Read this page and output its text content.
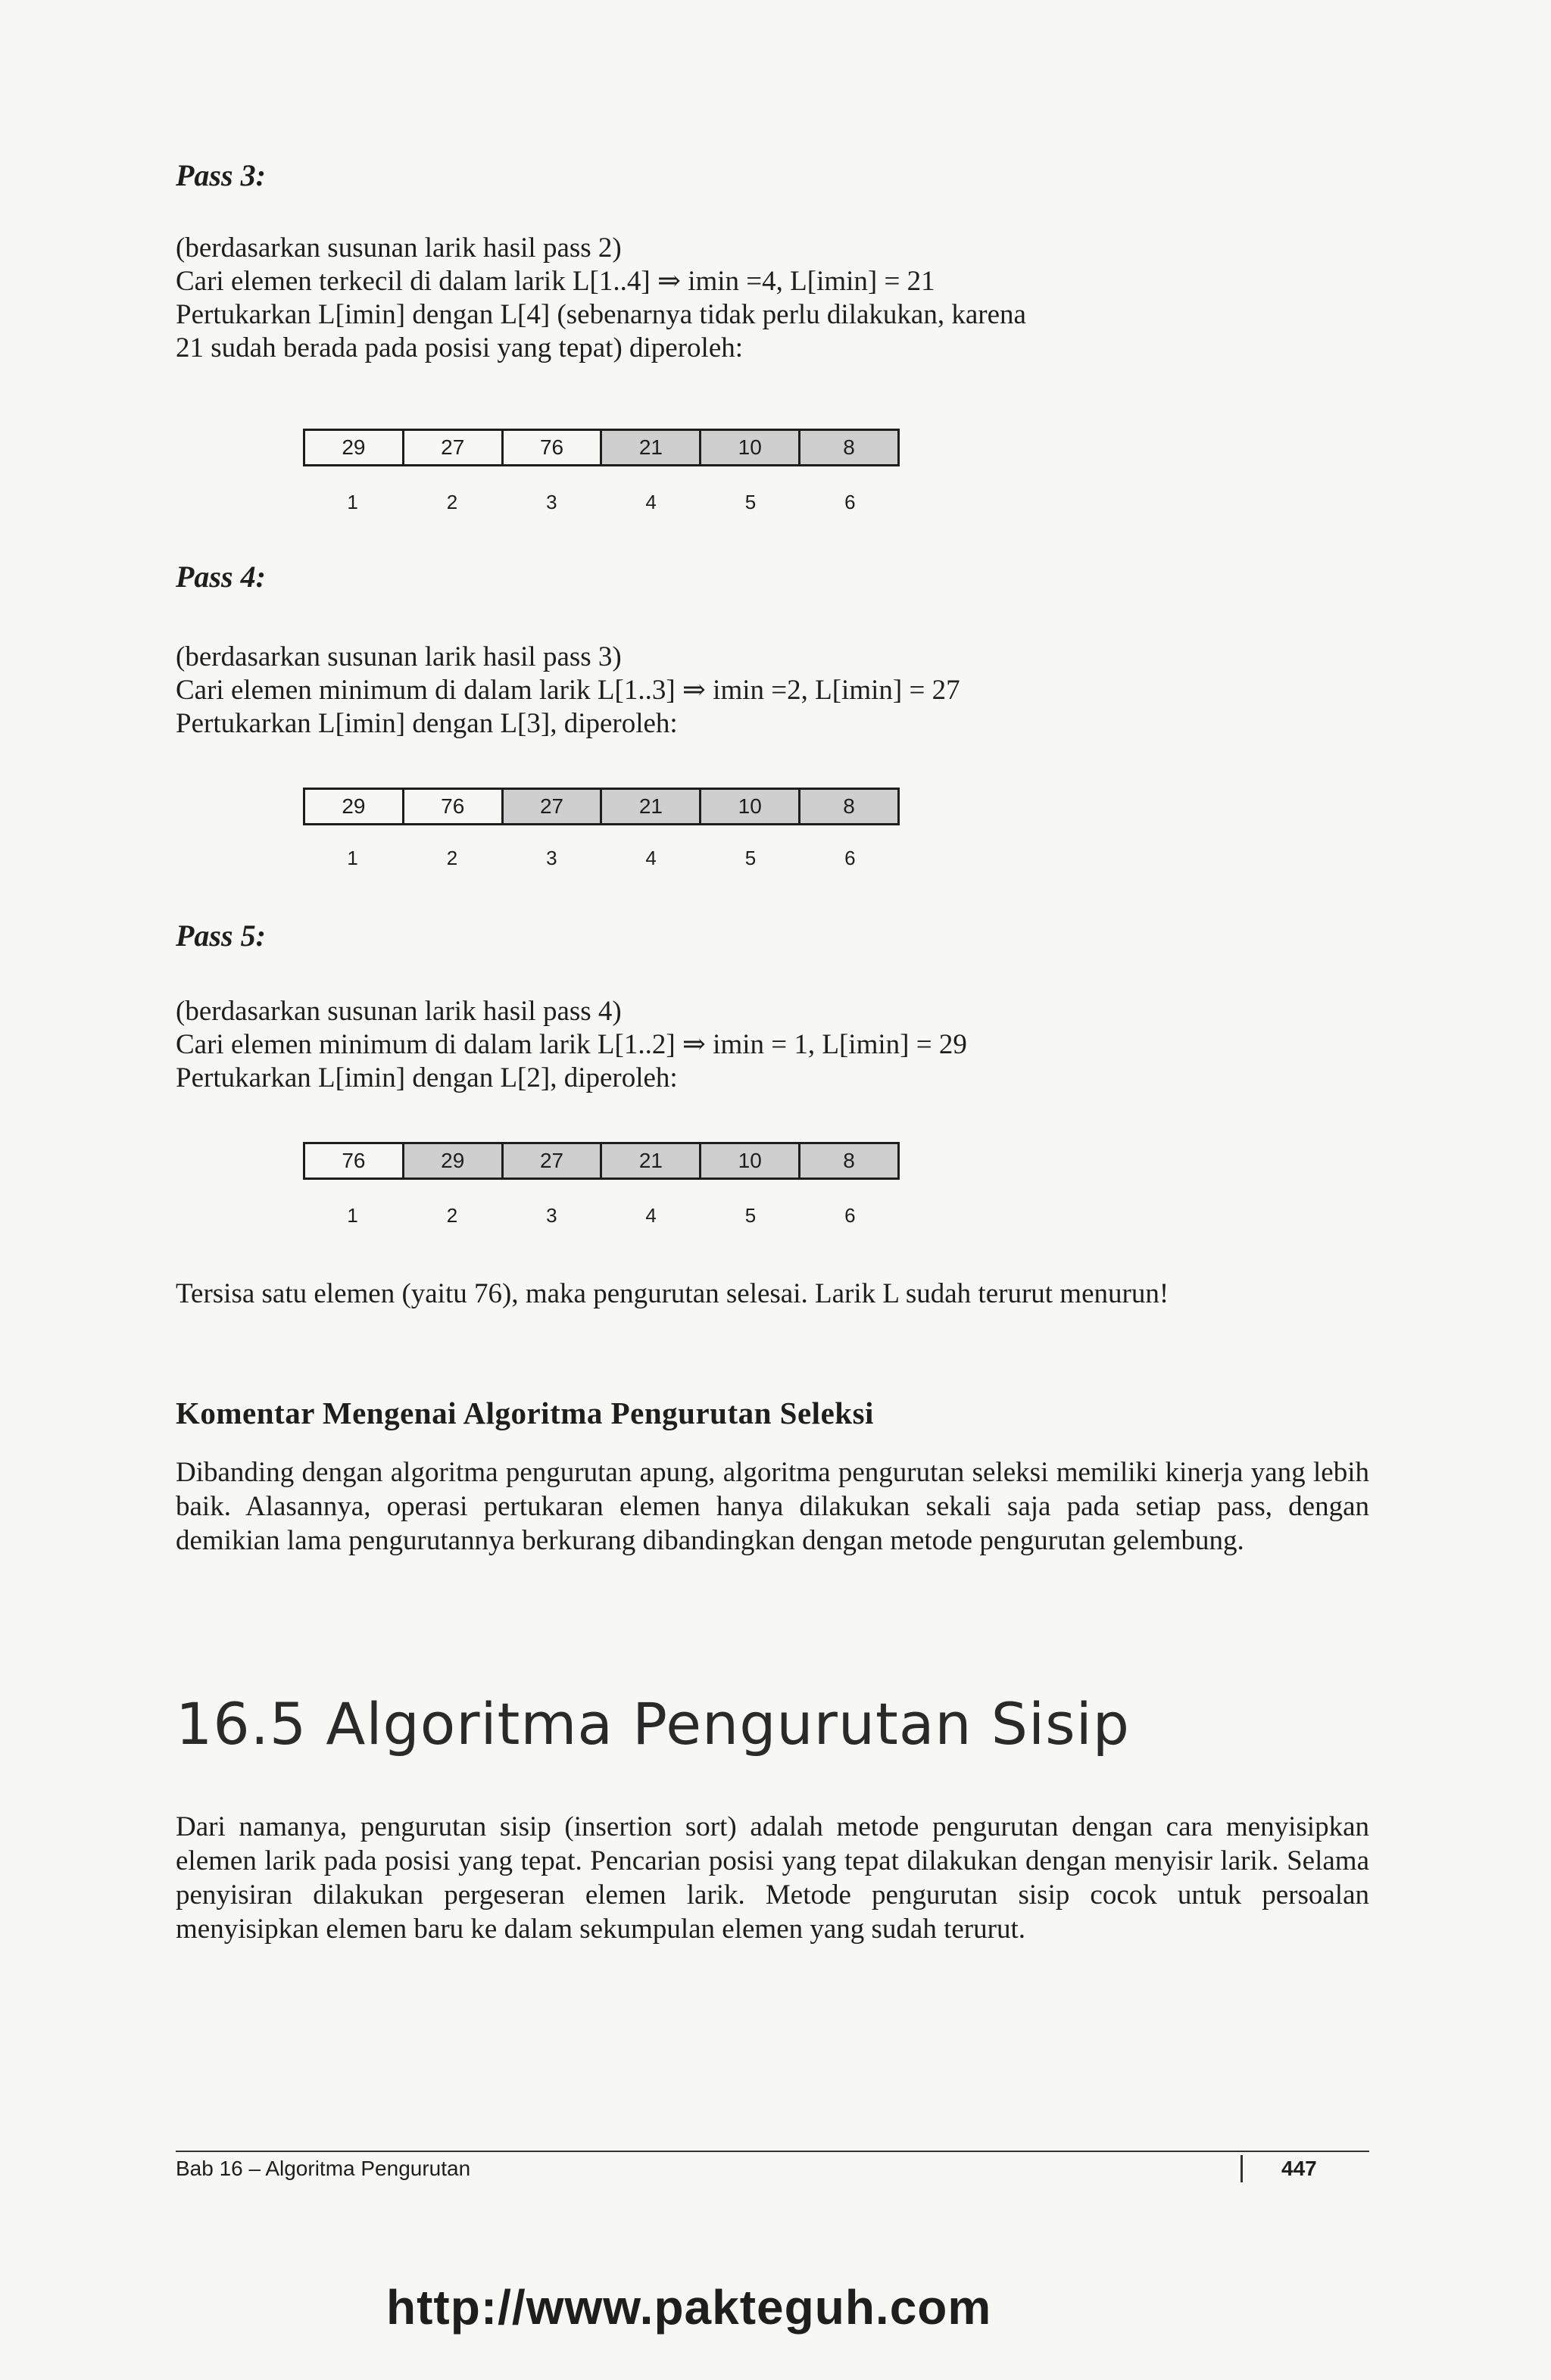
Pass 3:
(berdasarkan susunan larik hasil pass 2)
Cari elemen terkecil di dalam larik L[1..4] ⇒ imin =4, L[imin] = 21
Pertukarkan L[imin] dengan L[4] (sebenarnya tidak perlu dilakukan, karena
21 sudah berada pada posisi yang tepat) diperoleh:
29	27	76	21	10	8
1	2	3	4	5	6
Pass 4:
(berdasarkan susunan larik hasil pass 3)
Cari elemen minimum di dalam larik L[1..3] ⇒ imin =2, L[imin] = 27
Pertukarkan L[imin] dengan L[3], diperoleh:
29	76	27	21	10	8
1	2	3	4	5	6
Pass 5:
(berdasarkan susunan larik hasil pass 4)
Cari elemen minimum di dalam larik L[1..2] ⇒ imin = 1, L[imin] = 29
Pertukarkan L[imin] dengan L[2], diperoleh:
76	29	27	21	10	8
1	2	3	4	5	6
Tersisa satu elemen (yaitu 76), maka pengurutan selesai. Larik L sudah terurut menurun!
Komentar Mengenai Algoritma Pengurutan Seleksi
Dibanding dengan algoritma pengurutan apung, algoritma pengurutan seleksi memiliki kinerja yang lebih baik. Alasannya, operasi pertukaran elemen hanya dilakukan sekali saja pada setiap pass, dengan demikian lama pengurutannya berkurang dibandingkan dengan metode pengurutan gelembung.
16.5 Algoritma Pengurutan Sisip
Dari namanya, pengurutan sisip (insertion sort) adalah metode pengurutan dengan cara menyisipkan elemen larik pada posisi yang tepat. Pencarian posisi yang tepat dilakukan dengan menyisir larik. Selama penyisiran dilakukan pergeseran elemen larik. Metode pengurutan sisip cocok untuk persoalan menyisipkan elemen baru ke dalam sekumpulan elemen yang sudah terurut.
Bab 16 – Algoritma Pengurutan	447
http://www.pakteguh.com
